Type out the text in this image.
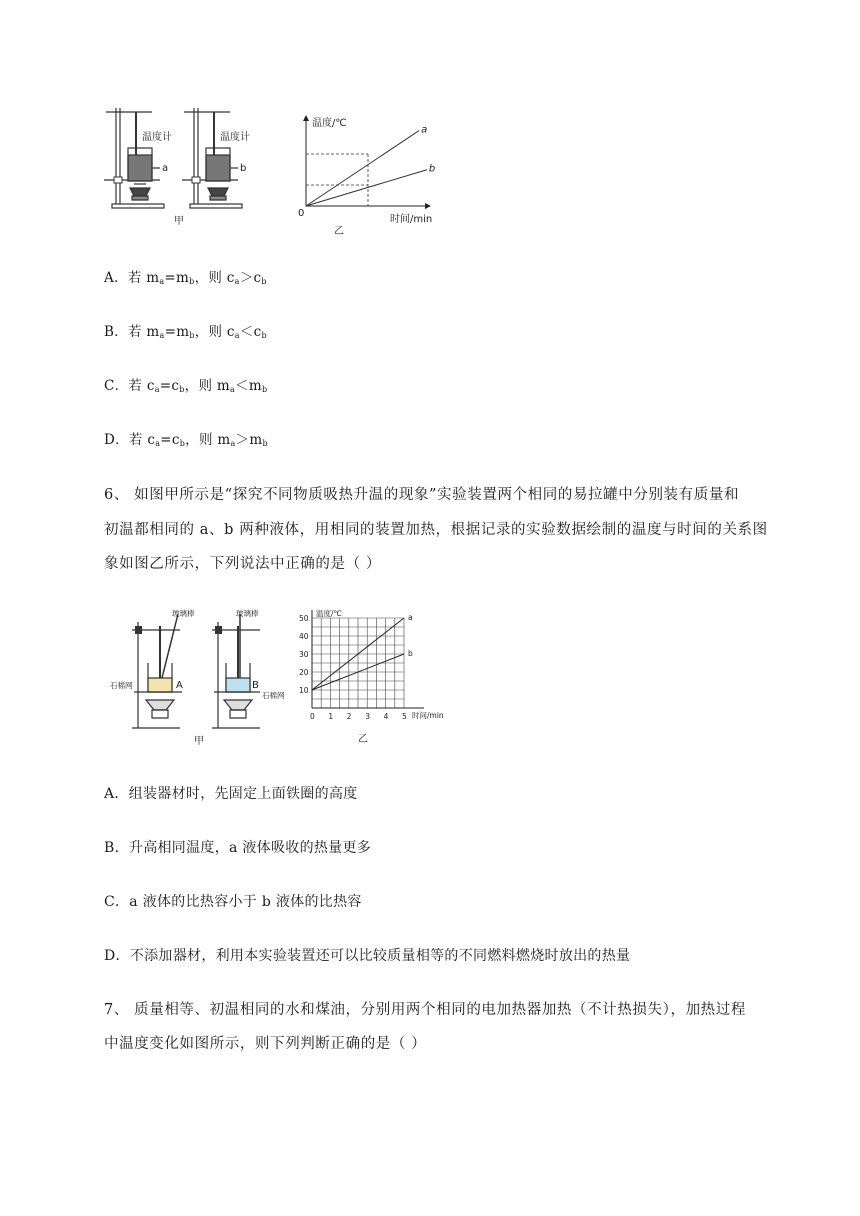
温度计	温度计
a	b
甲
a
b
温度/℃
时间/min
0
乙
A．若 $m_a=m_b$，则 $c_a>c_b$
B．若 $m_a=m_b$，则 $c_a<c_b$
C．若 $c_a=c_b$，则 $m_a<m_b$
D．若 $c_a=c_b$，则 $m_a>m_b$
6、 如图甲所示是“探究不同物质吸热升温的现象”实验装置两个相同的易拉罐中分别装有质量和
初温都相同的 a、b 两种液体，用相同的装置加热，根据记录的实验数据绘制的温度与时间的关系图
象如图乙所示，下列说法中正确的是（ ）
玻璃棒	玻璃棒
石棉网
石棉网
A	B
甲
a
b
0 1 2 3 4 5
10
20
30
40
50
温度/℃
时间/min
乙
A．组装器材时，先固定上面铁圈的高度
B．升高相同温度，a 液体吸收的热量更多
C．a 液体的比热容小于 b 液体的比热容
D．不添加器材，利用本实验装置还可以比较质量相等的不同燃料燃烧时放出的热量
7、 质量相等、初温相同的水和煤油，分别用两个相同的电加热器加热（不计热损失），加热过程
中温度变化如图所示，则下列判断正确的是（ ）
